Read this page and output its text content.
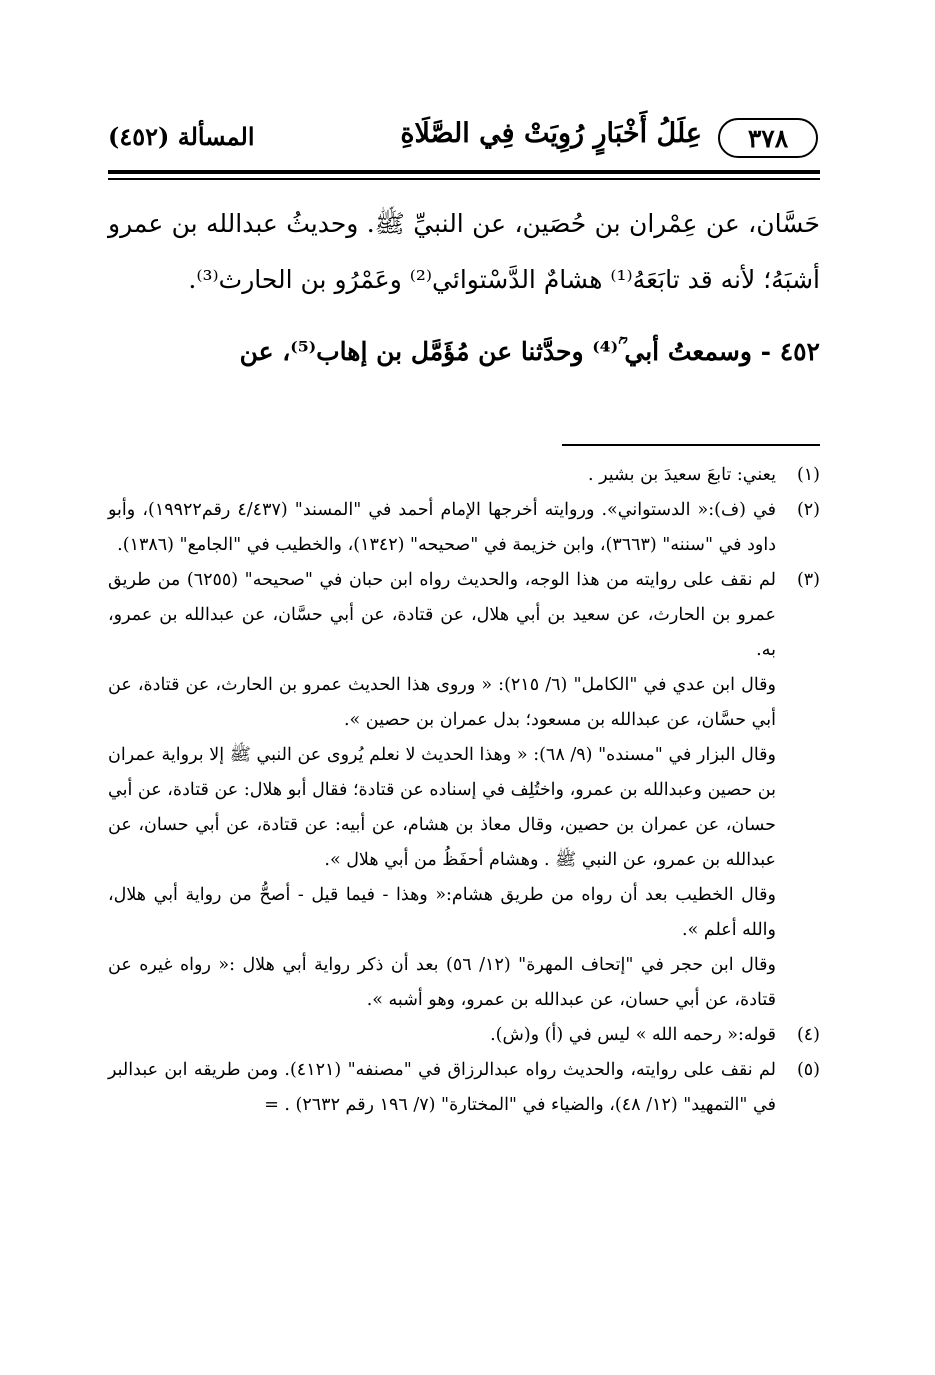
٣٧٨
عِلَلُ أَخْبَارٍ رُوِيَتْ فِي الصَّلَاةِ
المسألة (٤٥٢)

حَسَّان، عن عِمْران بن حُصَين، عن النبيِّ ﷺ. وحديثُ عبدالله بن عمرو أشبَهُ؛ لأنه قد تابَعَهُ⁽¹⁾ هشامٌ الدَّسْتوائي⁽²⁾ وعَمْرُو بن الحارث⁽³⁾.

٤٥٢ - وسمعتُ أبي ؒ⁽⁴⁾ وحدَّثنا عن مُؤَمَّل بن إهاب⁽⁵⁾، عن

(١)

يعني: تابعَ سعيدَ بن بشير .

(٢)

في (ف):« الدستواني». وروايته أخرجها الإمام أحمد في "المسند" (٤/٤٣٧ رقم١٩٩٢٢)، وأبو داود في "سننه" (٣٦٦٣)، وابن خزيمة في "صحيحه" (١٣٤٢)، والخطيب في "الجامع" (١٣٨٦).

(٣)

لم نقف على روايته من هذا الوجه، والحديث رواه ابن حبان في "صحيحه" (٦٢٥٥) من طريق عمرو بن الحارث، عن سعيد بن أبي هلال، عن قتادة، عن أبي حسَّان، عن عبدالله بن عمرو، به.

وقال ابن عدي في "الكامل" (٦/ ٢١٥): « وروى هذا الحديث عمرو بن الحارث، عن قتادة، عن أبي حسَّان، عن عبدالله بن مسعود؛ بدل عمران بن حصين ».

وقال البزار في "مسنده" (٩/ ٦٨): « وهذا الحديث لا نعلم يُروى عن النبي ﷺ إلا برواية عمران بن حصين وعبدالله بن عمرو، واختُلِف في إسناده عن قتادة؛ فقال أبو هلال: عن قتادة، عن أبي حسان، عن عمران بن حصين، وقال معاذ بن هشام، عن أبيه: عن قتادة، عن أبي حسان، عن عبدالله بن عمرو، عن النبي ﷺ . وهشام أحفَظُ من أبي هلال ».

وقال الخطيب بعد أن رواه من طريق هشام:« وهذا - فيما قيل - أصحُّ من رواية أبي هلال، والله أعلم ».

وقال ابن حجر في "إتحاف المهرة" (١٢/ ٥٦) بعد أن ذكر رواية أبي هلال :« رواه غيره عن قتادة، عن أبي حسان، عن عبدالله بن عمرو، وهو أشبه ».

(٤)

قوله:« رحمه الله » ليس في (أ) و(ش).

(٥)

لم نقف على روايته، والحديث رواه عبدالرزاق في "مصنفه" (٤١٢١). ومن طريقه ابن عبدالبر في "التمهيد" (١٢/ ٤٨)، والضياء في "المختارة" (٧/ ١٩٦ رقم ٢٦٣٢) . =
